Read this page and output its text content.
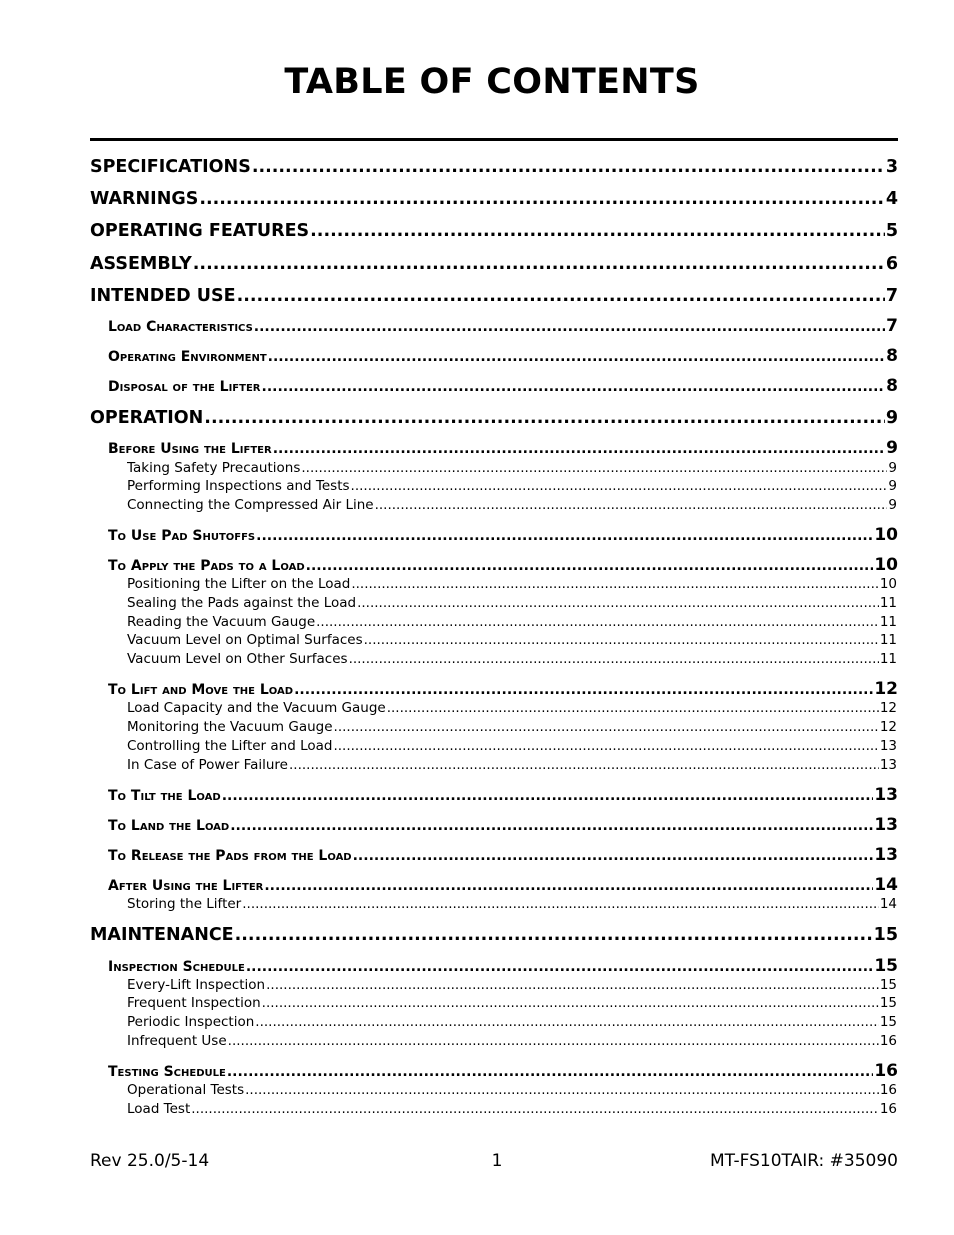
TABLE OF CONTENTS
SPECIFICATIONS .....	3
WARNINGS .....	4
OPERATING FEATURES .....	5
ASSEMBLY .....	6
INTENDED USE .....	7
Load Characteristics .....	7
Operating Environment .....	8
Disposal of the Lifter .....	8
OPERATION .....	9
Before Using the Lifter .....	9
Taking Safety Precautions .....	9
Performing Inspections and Tests .....	9
Connecting the Compressed Air Line .....	9
To Use Pad Shutoffs .....	10
To Apply the Pads to a Load .....	10
Positioning the Lifter on the Load .....	10
Sealing the Pads against the Load .....	11
Reading the Vacuum Gauge .....	11
Vacuum Level on Optimal Surfaces .....	11
Vacuum Level on Other Surfaces .....	11
To Lift and Move the Load .....	12
Load Capacity and the Vacuum Gauge .....	12
Monitoring the Vacuum Gauge .....	12
Controlling the Lifter and Load .....	13
In Case of Power Failure .....	13
To Tilt the Load .....	13
To Land the Load .....	13
To Release the Pads from the Load .....	13
After Using the Lifter .....	14
Storing the Lifter .....	14
MAINTENANCE .....	15
Inspection Schedule .....	15
Every-Lift Inspection .....	15
Frequent Inspection .....	15
Periodic Inspection .....	15
Infrequent Use .....	16
Testing Schedule .....	16
Operational Tests .....	16
Load Test .....	16
Rev 25.0/5-14	1	MT-FS10TAIR: #35090
